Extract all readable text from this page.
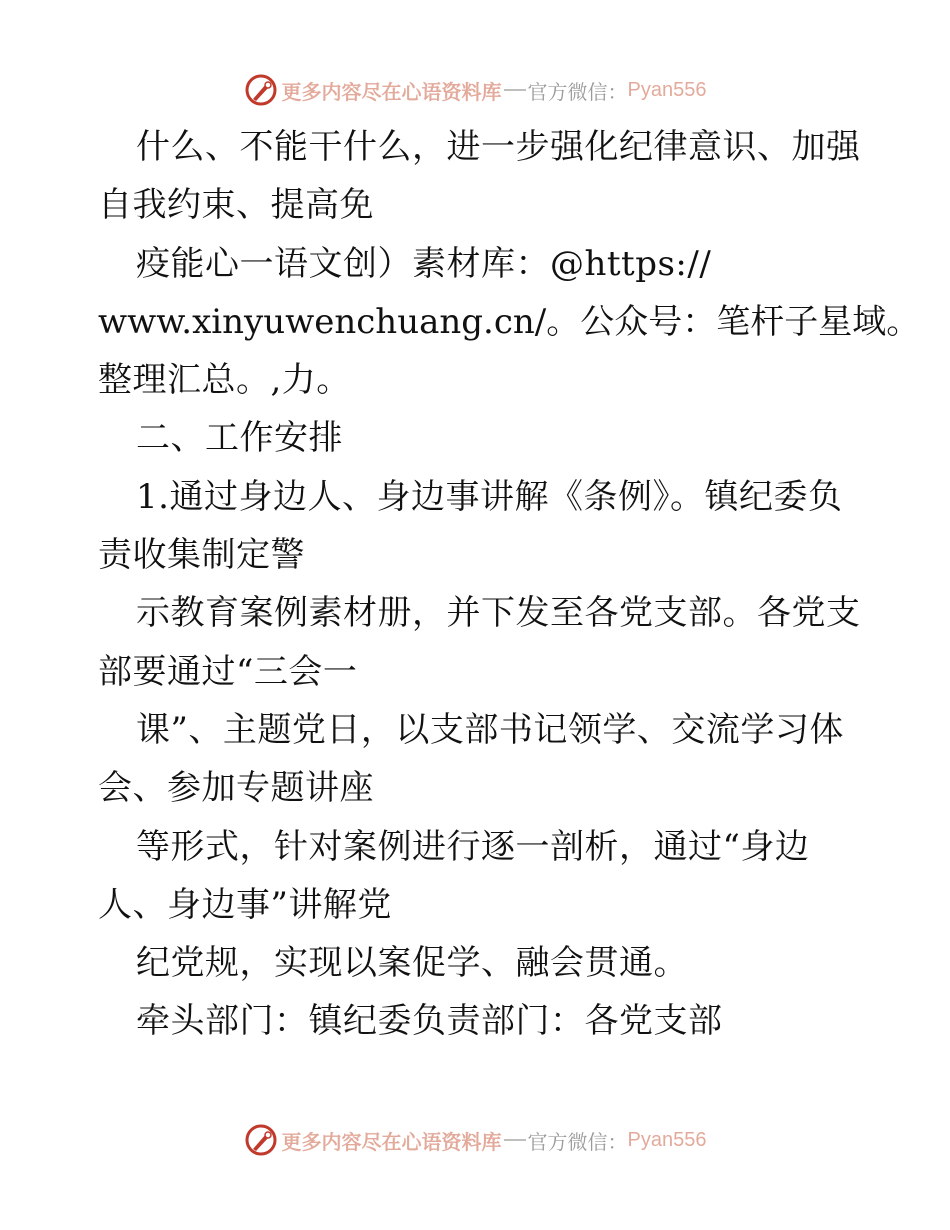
更多内容尽在心语资料库 官方微信： Pyan556
什么、不能干什么，进一步强化纪律意识、加强
自我约束、提高免
疫能心一语文创）素材库：@https://
www.xinyuwenchuang.cn/。公众号：笔杆子星域。
整理汇总。,力。
二、工作安排
1.通过身边人、身边事讲解《条例》。镇纪委负
责收集制定警
示教育案例素材册，并下发至各党支部。各党支
部要通过“三会一
课”、主题党日，以支部书记领学、交流学习体
会、参加专题讲座
等形式，针对案例进行逐一剖析，通过“身边
人、身边事”讲解党
纪党规，实现以案促学、融会贯通。
牵头部门：镇纪委负责部门：各党支部
更多内容尽在心语资料库 官方微信： Pyan556
